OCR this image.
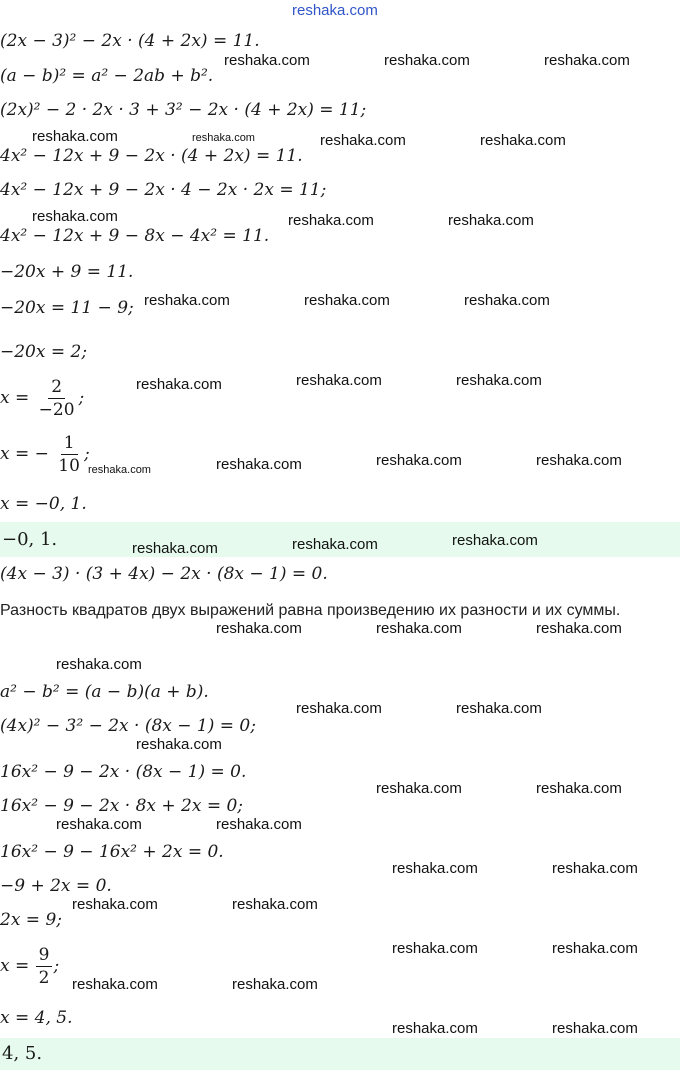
reshaka.com
(2x − 3)² − 2x · (4 + 2x) = 11.
(a − b)² = a² − 2ab + b².
(2x)² − 2 · 2x · 3 + 3² − 2x · (4 + 2x) = 11;
4x² − 12x + 9 − 2x · (4 + 2x) = 11.
4x² − 12x + 9 − 2x · 4 − 2x · 2x = 11;
4x² − 12x + 9 − 8x − 4x² = 11.
−20x + 9 = 11.
−20x = 11 − 9;
−20x = 2;
$x = \frac{2}{-20}$ ;
x = − $\frac{1}{10}$ ;
x = −0, 1.
−0, 1.
(4x − 3) · (3 + 4x) − 2x · (8x − 1) = 0.
Разность квадратов двух выражений равна произведению их разности и их суммы.
a² − b² = (a − b)(a + b).
(4x)² − 3² − 2x · (8x − 1) = 0;
16x² − 9 − 2x · (8x − 1) = 0.
16x² − 9 − 2x · 8x + 2x = 0;
16x² − 9 − 16x² + 2x = 0.
−9 + 2x = 0.
2x = 9;
$x = \frac{9}{2}$ ;
x = 4, 5.
4, 5.
reshaka.com	reshaka.com	reshaka.com
reshaka.com	reshaka.com	reshaka.com	reshaka.com
reshaka.com	reshaka.com	reshaka.com
reshaka.com	reshaka.com	reshaka.com
reshaka.com	reshaka.com	reshaka.com
reshaka.com	reshaka.com	reshaka.com	reshaka.com
reshaka.com	reshaka.com	reshaka.com
reshaka.com	reshaka.com	reshaka.com
reshaka.com
reshaka.com	reshaka.com
reshaka.com
reshaka.com	reshaka.com
reshaka.com	reshaka.com
reshaka.com	reshaka.com
reshaka.com	reshaka.com
reshaka.com	reshaka.com
reshaka.com	reshaka.com
reshaka.com	reshaka.com
